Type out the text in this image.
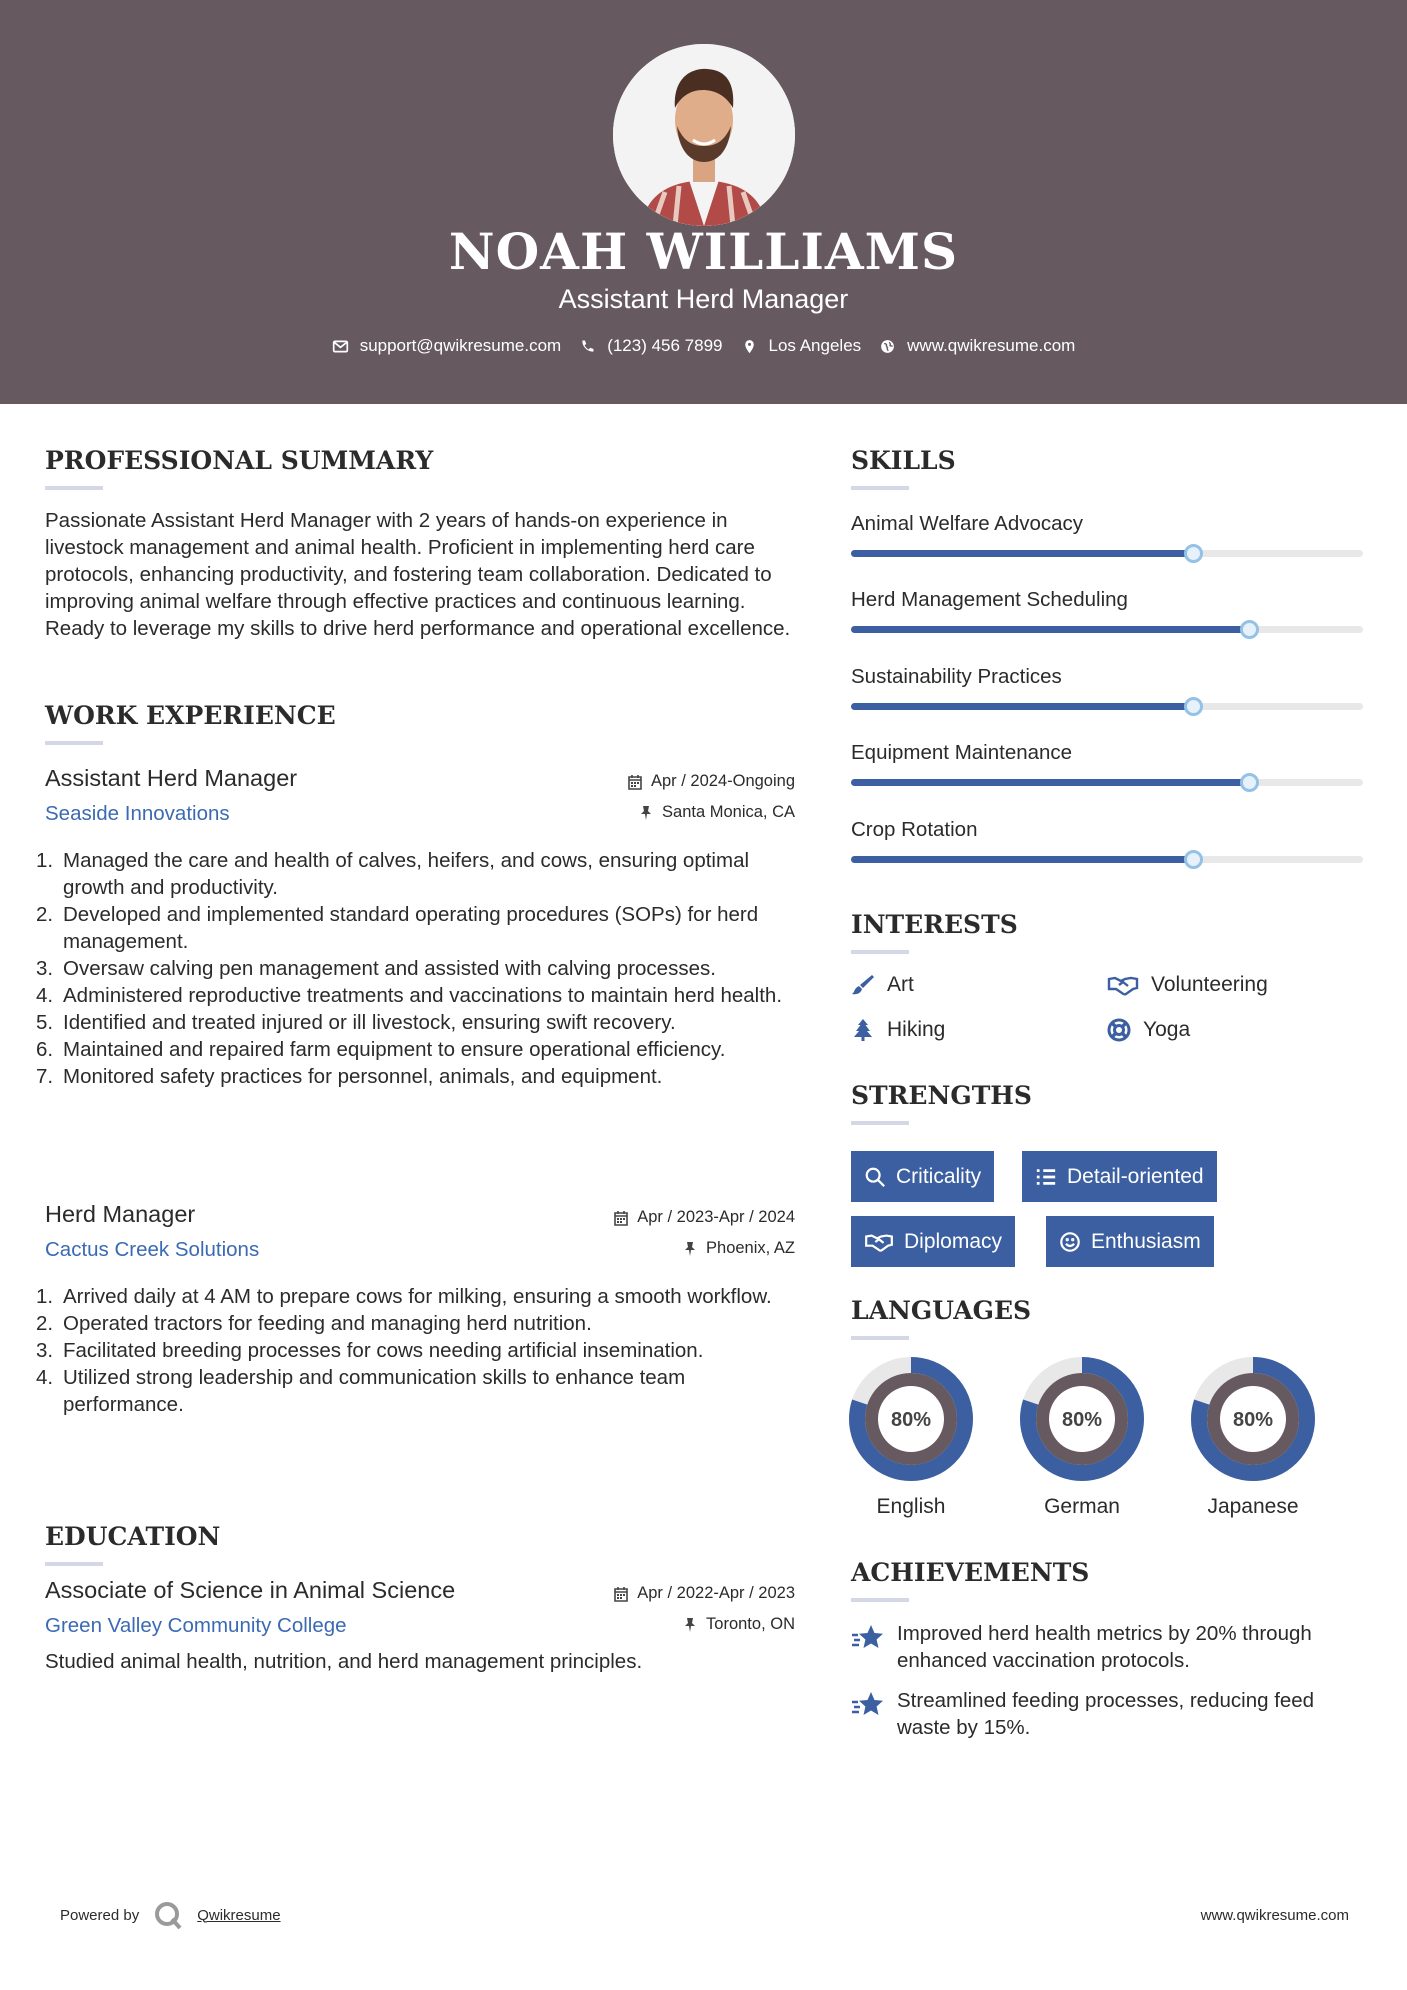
NOAH WILLIAMS
Assistant Herd Manager
support@qwikresume.com	(123) 456 7899	Los Angeles	www.qwikresume.com
PROFESSIONAL SUMMARY
Passionate Assistant Herd Manager with 2 years of hands-on experience in livestock management and animal health. Proficient in implementing herd care protocols, enhancing productivity, and fostering team collaboration. Dedicated to improving animal welfare through effective practices and continuous learning. Ready to leverage my skills to drive herd performance and operational excellence.
WORK EXPERIENCE
Assistant Herd Manager
Seaside Innovations
Apr / 2024-Ongoing
Santa Monica, CA
Managed the care and health of calves, heifers, and cows, ensuring optimal growth and productivity.
Developed and implemented standard operating procedures (SOPs) for herd management.
Oversaw calving pen management and assisted with calving processes.
Administered reproductive treatments and vaccinations to maintain herd health.
Identified and treated injured or ill livestock, ensuring swift recovery.
Maintained and repaired farm equipment to ensure operational efficiency.
Monitored safety practices for personnel, animals, and equipment.
Herd Manager
Cactus Creek Solutions
Apr / 2023-Apr / 2024
Phoenix, AZ
Arrived daily at 4 AM to prepare cows for milking, ensuring a smooth workflow.
Operated tractors for feeding and managing herd nutrition.
Facilitated breeding processes for cows needing artificial insemination.
Utilized strong leadership and communication skills to enhance team performance.
EDUCATION
Associate of Science in Animal Science
Green Valley Community College
Apr / 2022-Apr / 2023
Toronto, ON
Studied animal health, nutrition, and herd management principles.
SKILLS
Animal Welfare Advocacy
Herd Management Scheduling
Sustainability Practices
Equipment Maintenance
Crop Rotation
INTERESTS
Art	Volunteering
Hiking	Yoga
STRENGTHS
Criticality	Detail-oriented
Diplomacy	Enthusiasm
LANGUAGES
80%
English
80%
German
80%
Japanese
ACHIEVEMENTS
Improved herd health metrics by 20% through enhanced vaccination protocols.
Streamlined feeding processes, reducing feed waste by 15%.
Powered by	Qwikresume	www.qwikresume.com
